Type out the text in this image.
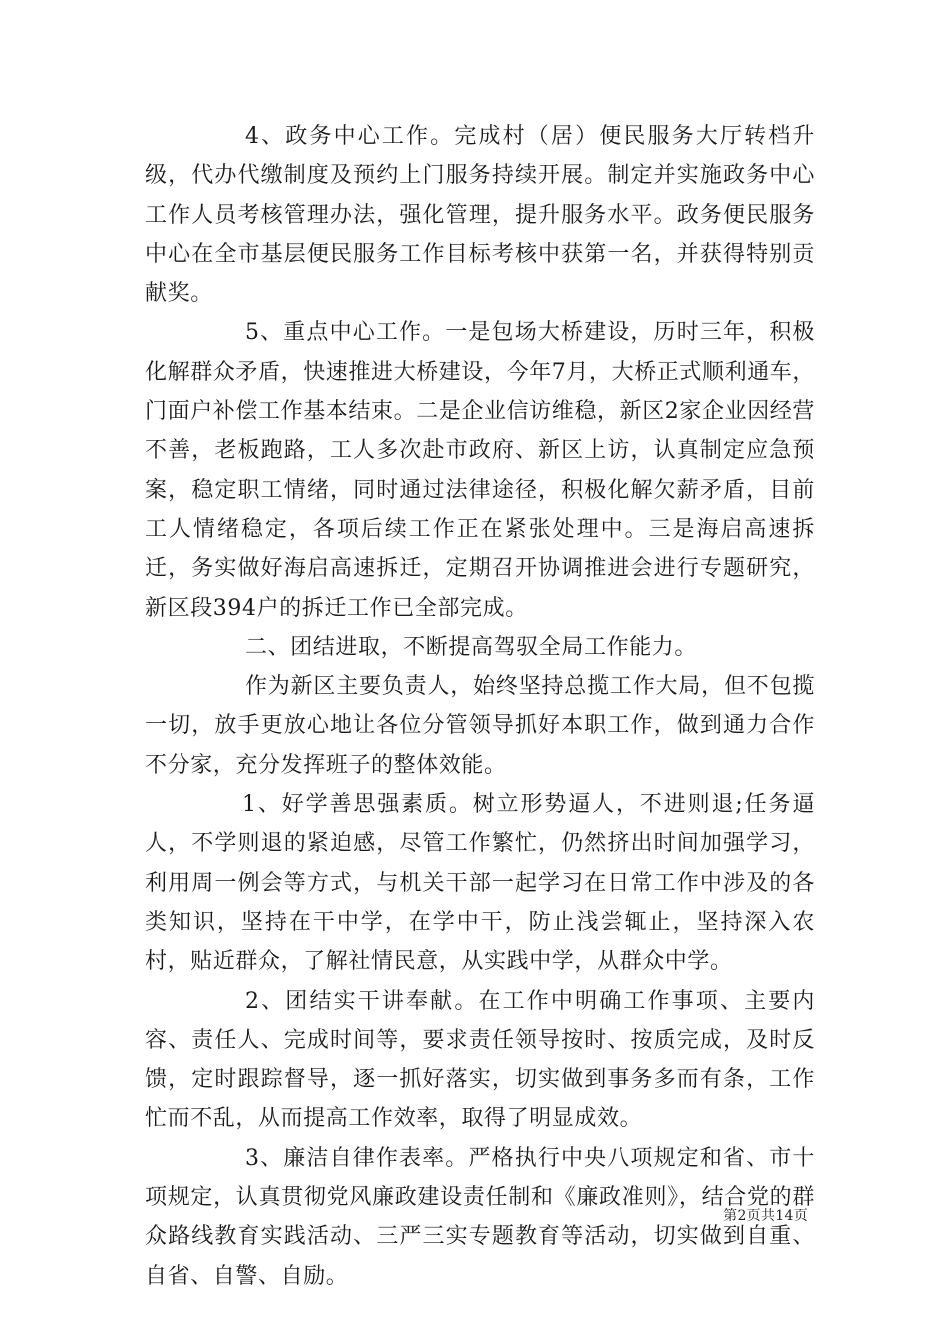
4、政务中心工作。完成村（居）便民服务大厅转档升级，代办代缴制度及预约上门服务持续开展。制定并实施政务中心工作人员考核管理办法，强化管理，提升服务水平。政务便民服务中心在全市基层便民服务工作目标考核中获第一名，并获得特别贡献奖。

5、重点中心工作。一是包场大桥建设，历时三年，积极化解群众矛盾，快速推进大桥建设，今年7月，大桥正式顺利通车，门面户补偿工作基本结束。二是企业信访维稳，新区2家企业因经营不善，老板跑路，工人多次赴市政府、新区上访，认真制定应急预案，稳定职工情绪，同时通过法律途径，积极化解欠薪矛盾，目前工人情绪稳定，各项后续工作正在紧张处理中。三是海启高速拆迁，务实做好海启高速拆迁，定期召开协调推进会进行专题研究，新区段394户的拆迁工作已全部完成。

二、团结进取，不断提高驾驭全局工作能力。

作为新区主要负责人，始终坚持总揽工作大局，但不包揽一切，放手更放心地让各位分管领导抓好本职工作，做到通力合作不分家，充分发挥班子的整体效能。

1、好学善思强素质。树立形势逼人，不进则退;任务逼人，不学则退的紧迫感，尽管工作繁忙，仍然挤出时间加强学习，利用周一例会等方式，与机关干部一起学习在日常工作中涉及的各类知识，坚持在干中学，在学中干，防止浅尝辄止，坚持深入农村，贴近群众，了解社情民意，从实践中学，从群众中学。

2、团结实干讲奉献。在工作中明确工作事项、主要内容、责任人、完成时间等，要求责任领导按时、按质完成，及时反馈，定时跟踪督导，逐一抓好落实，切实做到事务多而有条，工作忙而不乱，从而提高工作效率，取得了明显成效。

3、廉洁自律作表率。严格执行中央八项规定和省、市十项规定，认真贯彻党风廉政建设责任制和《廉政准则》，结合党的群众路线教育实践活动、三严三实专题教育等活动，切实做到自重、自省、自警、自励。

第2页共14页
